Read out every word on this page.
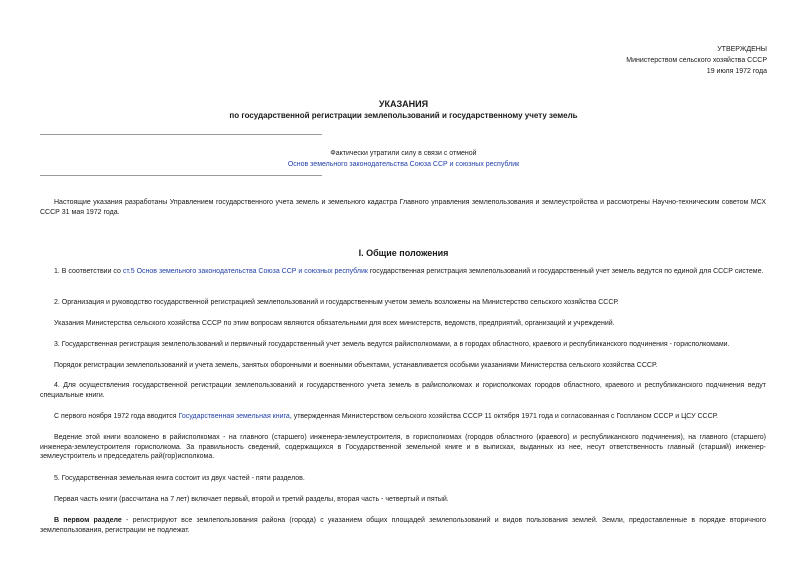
УТВЕРЖДЕНЫ
Министерством сельского хозяйства СССР
19 июля 1972 года
УКАЗАНИЯ
по государственной регистрации землепользований и государственному учету земель
Фактически утратили силу в связи с отменой
Основ земельного законодательства Союза ССР и союзных республик

Настоящие указания разработаны Управлением государственного учета земель и земельного кадастра Главного управления землепользования и землеустройства и рассмотрены Научно-техническим советом МСХ СССР 31 мая 1972 года.

I. Общие положения

1. В соответствии со ст.5 Основ земельного законодательства Союза ССР и союзных республик государственная регистрация землепользований и государственный учет земель ведутся по единой для СССР системе.

2. Организация и руководство государственной регистрацией землепользований и государственным учетом земель возложены на Министерство сельского хозяйства СССР.

Указания Министерства сельского хозяйства СССР по этим вопросам являются обязательными для всех министерств, ведомств, предприятий, организаций и учреждений.

3. Государственная регистрация землепользований и первичный государственный учет земель ведутся райисполкомами, а в городах областного, краевого и республиканского подчинения - горисполкомами.

Порядок регистрации землепользований и учета земель, занятых оборонными и военными объектами, устанавливается особыми указаниями Министерства сельского хозяйства СССР.

4. Для осуществления государственной регистрации землепользований и государственного учета земель в райисполкомах и горисполкомах городов областного, краевого и республиканского подчинения ведут специальные книги.

С первого ноября 1972 года вводится Государственная земельная книга, утвержденная Министерством сельского хозяйства СССР 11 октября 1971 года и согласованная с Госпланом СССР и ЦСУ СССР.

Ведение этой книги возложено в райисполкомах - на главного (старшего) инженера-землеустроителя, в горисполкомах (городов областного (краевого) и республиканского подчинения), на главного (старшего) инженера-землеустроителя горисполкома. За правильность сведений, содержащихся в Государственной земельной книге и в выписках, выданных из нее, несут ответственность главный (старший) инженер-землеустроитель и председатель рай(гор)исполкома.

5. Государственная земельная книга состоит из двух частей - пяти разделов.

Первая часть книги (рассчитана на 7 лет) включает первый, второй и третий разделы, вторая часть - четвертый и пятый.

В первом разделе - регистрируют все землепользования района (города) с указанием общих площадей землепользований и видов пользования землей. Земли, предоставленные в порядке вторичного землепользования, регистрации не подлежат.
